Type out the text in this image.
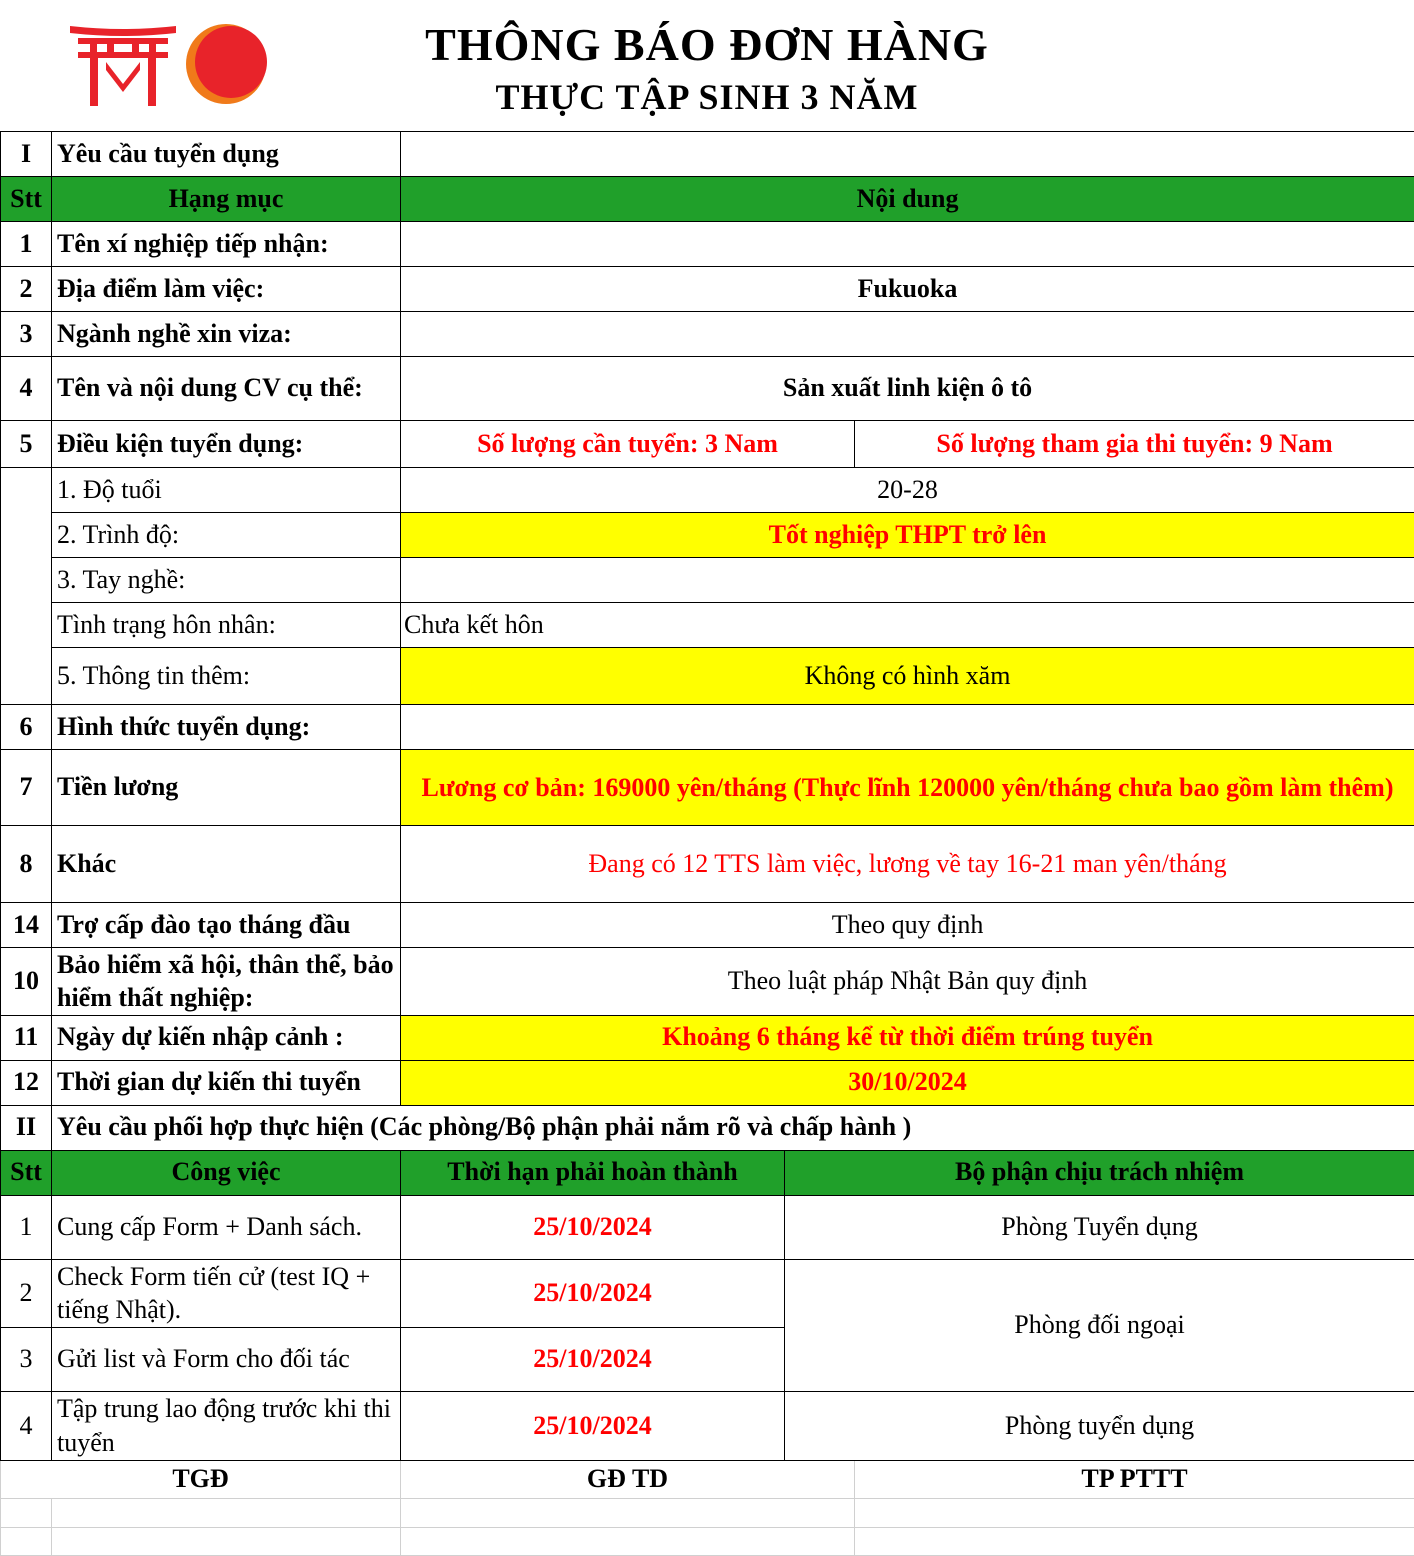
THÔNG BÁO ĐƠN HÀNG
THỰC TẬP SINH 3 NĂM
I	Yêu cầu tuyển dụng			
Stt	Hạng mục	Nội dung		
1	Tên xí nghiệp tiếp nhận:			
2	Địa điểm làm việc:	Fukuoka		
3	Ngành nghề xin viza:			
4	Tên và nội dung CV cụ thể:	Sản xuất linh kiện ô tô		
5	Điều kiện tuyển dụng:	Số lượng cần tuyển: 3 Nam		Số lượng tham gia thi tuyển: 9 Nam
	1. Độ tuổi	20-28		
	2. Trình độ:	Tốt nghiệp THPT trở lên		
	3. Tay nghề:			
	Tình trạng hôn nhân:	Chưa kết hôn		
	5. Thông tin thêm:	Không có hình xăm		
6	Hình thức tuyển dụng:			
7	Tiền lương	Lương cơ bản: 169000 yên/tháng (Thực lĩnh 120000 yên/tháng chưa bao gồm làm thêm)		
8	Khác	Đang có 12 TTS làm việc, lương về tay 16-21 man yên/tháng		
14	Trợ cấp đào tạo tháng đầu	Theo quy định		
10	Bảo hiểm xã hội, thân thể, bảo hiểm thất nghiệp:	Theo luật pháp Nhật Bản quy định		
11	Ngày dự kiến nhập cảnh :	Khoảng 6 tháng kể từ thời điểm trúng tuyển		
12	Thời gian dự kiến thi tuyển	30/10/2024		
II	Yêu cầu phối hợp thực hiện (Các phòng/Bộ phận phải nắm rõ và chấp hành )			
Stt	Công việc	Thời hạn phải hoàn thành	Bộ phận chịu trách nhiệm	
1	Cung cấp Form + Danh sách.	25/10/2024	Phòng Tuyển dụng	
2	Check Form tiến cử (test IQ + tiếng Nhật).	25/10/2024	Phòng đối ngoại	
3	Gửi list và Form cho đối tác	25/10/2024		
4	Tập trung lao động trước khi thi tuyển	25/10/2024	Phòng tuyển dụng	
TGĐ		GĐ TD		TP PTTT
